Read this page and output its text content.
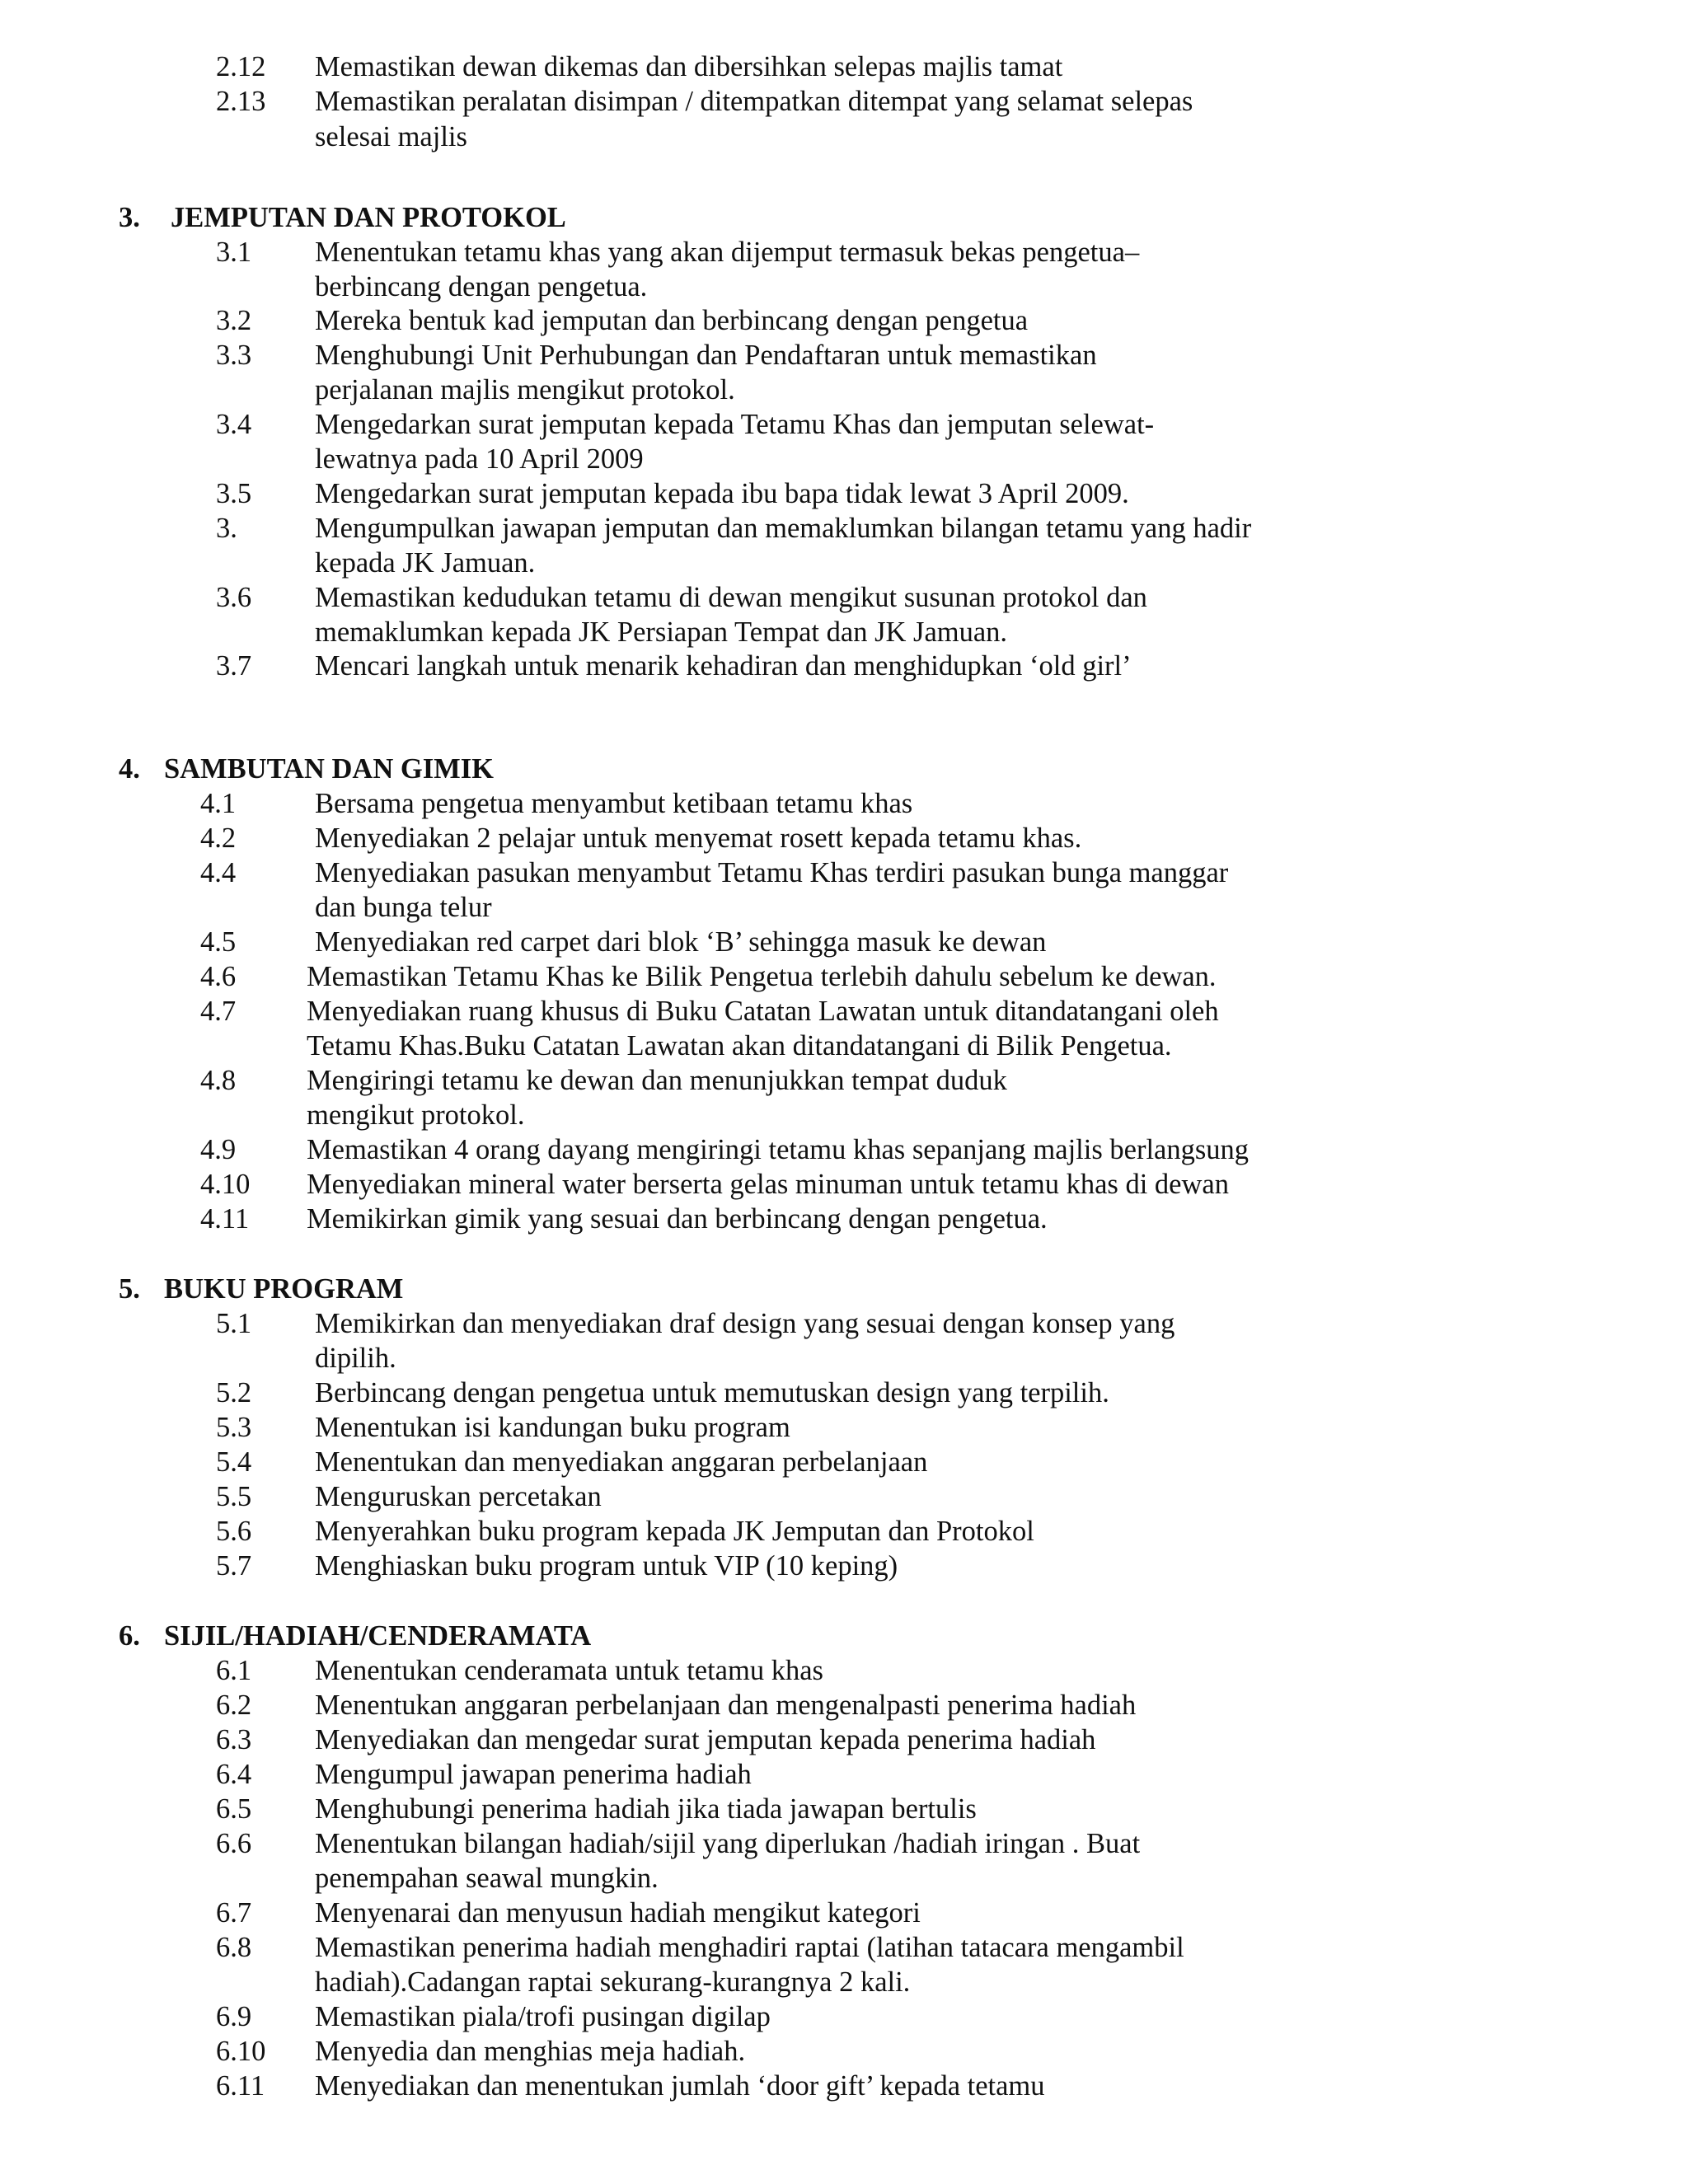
2.12 Memastikan dewan dikemas dan dibersihkan selepas majlis tamat
2.13 Memastikan peralatan disimpan / ditempatkan ditempat yang selamat selepas
selesai majlis
3. JEMPUTAN DAN PROTOKOL
3.1 Menentukan tetamu khas yang akan dijemput termasuk bekas pengetua–
berbincang dengan pengetua.
3.2 Mereka bentuk kad jemputan dan berbincang dengan pengetua
3.3 Menghubungi Unit Perhubungan dan Pendaftaran untuk memastikan
perjalanan majlis mengikut protokol.
3.4 Mengedarkan surat jemputan kepada Tetamu Khas dan jemputan selewat-
lewatnya pada 10 April 2009
3.5 Mengedarkan surat jemputan kepada ibu bapa tidak lewat 3 April 2009.
3.	Mengumpulkan jawapan jemputan dan memaklumkan bilangan tetamu yang hadir
kepada JK Jamuan.
3.6 Memastikan kedudukan tetamu di dewan mengikut susunan protokol dan
memaklumkan kepada JK Persiapan Tempat dan JK Jamuan.
3.7 Mencari langkah untuk menarik kehadiran dan menghidupkan ‘old girl’
4. SAMBUTAN DAN GIMIK
4.1	Bersama pengetua menyambut ketibaan tetamu khas
4.2	Menyediakan 2 pelajar untuk menyemat rosett kepada tetamu khas.
4.4	Menyediakan pasukan menyambut Tetamu Khas terdiri pasukan bunga manggar
dan bunga telur
4.5	Menyediakan red carpet dari blok ‘B’ sehingga masuk ke dewan
4.6 Memastikan Tetamu Khas ke Bilik Pengetua terlebih dahulu sebelum ke dewan.
4.7 Menyediakan ruang khusus di Buku Catatan Lawatan untuk ditandatangani oleh
Tetamu Khas.Buku Catatan Lawatan akan ditandatangani di Bilik Pengetua.
4.8 Mengiringi tetamu ke dewan dan menunjukkan tempat duduk
mengikut protokol.
4.9 Memastikan 4 orang dayang mengiringi tetamu khas sepanjang majlis berlangsung
4.10 Menyediakan mineral water berserta gelas minuman untuk tetamu khas di dewan
4.11 Memikirkan gimik yang sesuai dan berbincang dengan pengetua.
5. BUKU PROGRAM
5.1 Memikirkan dan menyediakan draf design yang sesuai dengan konsep yang
dipilih.
5.2 Berbincang dengan pengetua untuk memutuskan design yang terpilih.
5.3 Menentukan isi kandungan buku program
5.4 Menentukan dan menyediakan anggaran perbelanjaan
5.5 Menguruskan percetakan
5.6 Menyerahkan buku program kepada JK Jemputan dan Protokol
5.7 Menghiaskan buku program untuk VIP (10 keping)
6. SIJIL/HADIAH/CENDERAMATA
6.1 Menentukan cenderamata untuk tetamu khas
6.2 Menentukan anggaran perbelanjaan dan mengenalpasti penerima hadiah
6.3 Menyediakan dan mengedar surat jemputan kepada penerima hadiah
6.4 Mengumpul jawapan penerima hadiah
6.5 Menghubungi penerima hadiah jika tiada jawapan bertulis
6.6 Menentukan bilangan hadiah/sijil yang diperlukan /hadiah iringan . Buat
penempahan seawal mungkin.
6.7 Menyenarai dan menyusun hadiah mengikut kategori
6.8 Memastikan penerima hadiah menghadiri raptai (latihan tatacara mengambil
hadiah).Cadangan raptai sekurang-kurangnya 2 kali.
6.9 Memastikan piala/trofi pusingan digilap
6.10 Menyedia dan menghias meja hadiah.
6.11 Menyediakan dan menentukan jumlah ‘door gift’ kepada tetamu
